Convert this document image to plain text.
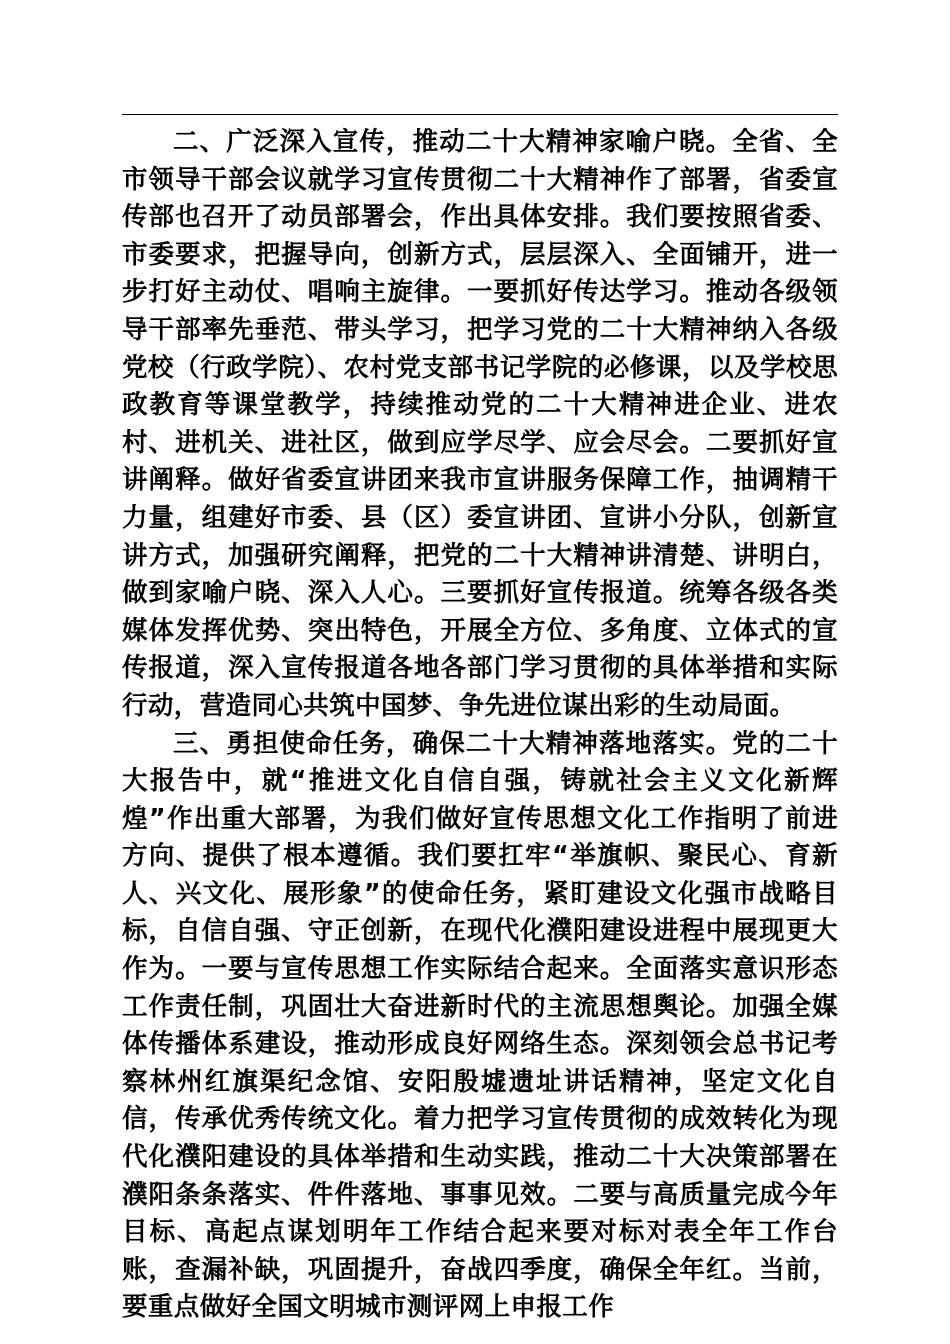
二、广泛深入宣传，推动二十大精神家喻户晓。全省、全市领导干部会议就学习宣传贯彻二十大精神作了部署，省委宣传部也召开了动员部署会，作出具体安排。我们要按照省委、市委要求，把握导向，创新方式，层层深入、全面铺开，进一步打好主动仗、唱响主旋律。一要抓好传达学习。推动各级领导干部率先垂范、带头学习，把学习党的二十大精神纳入各级党校（行政学院）、农村党支部书记学院的必修课，以及学校思政教育等课堂教学，持续推动党的二十大精神进企业、进农村、进机关、进社区，做到应学尽学、应会尽会。二要抓好宣讲阐释。做好省委宣讲团来我市宣讲服务保障工作，抽调精干力量，组建好市委、县（区）委宣讲团、宣讲小分队，创新宣讲方式，加强研究阐释，把党的二十大精神讲清楚、讲明白，做到家喻户晓、深入人心。三要抓好宣传报道。统筹各级各类媒体发挥优势、突出特色，开展全方位、多角度、立体式的宣传报道，深入宣传报道各地各部门学习贯彻的具体举措和实际行动，营造同心共筑中国梦、争先进位谋出彩的生动局面。

三、勇担使命任务，确保二十大精神落地落实。党的二十大报告中，就“推进文化自信自强，铸就社会主义文化新辉煌”作出重大部署，为我们做好宣传思想文化工作指明了前进方向、提供了根本遵循。我们要扛牢“举旗帜、聚民心、育新人、兴文化、展形象”的使命任务，紧盯建设文化强市战略目标，自信自强、守正创新，在现代化濮阳建设进程中展现更大作为。一要与宣传思想工作实际结合起来。全面落实意识形态工作责任制，巩固壮大奋进新时代的主流思想舆论。加强全媒体传播体系建设，推动形成良好网络生态。深刻领会总书记考察林州红旗渠纪念馆、安阳殷墟遗址讲话精神，坚定文化自信，传承优秀传统文化。着力把学习宣传贯彻的成效转化为现代化濮阳建设的具体举措和生动实践，推动二十大决策部署在濮阳条条落实、件件落地、事事见效。二要与高质量完成今年目标、高起点谋划明年工作结合起来要对标对表全年工作台账，查漏补缺，巩固提升，奋战四季度，确保全年红。当前，要重点做好全国文明城市测评网上申报工作
